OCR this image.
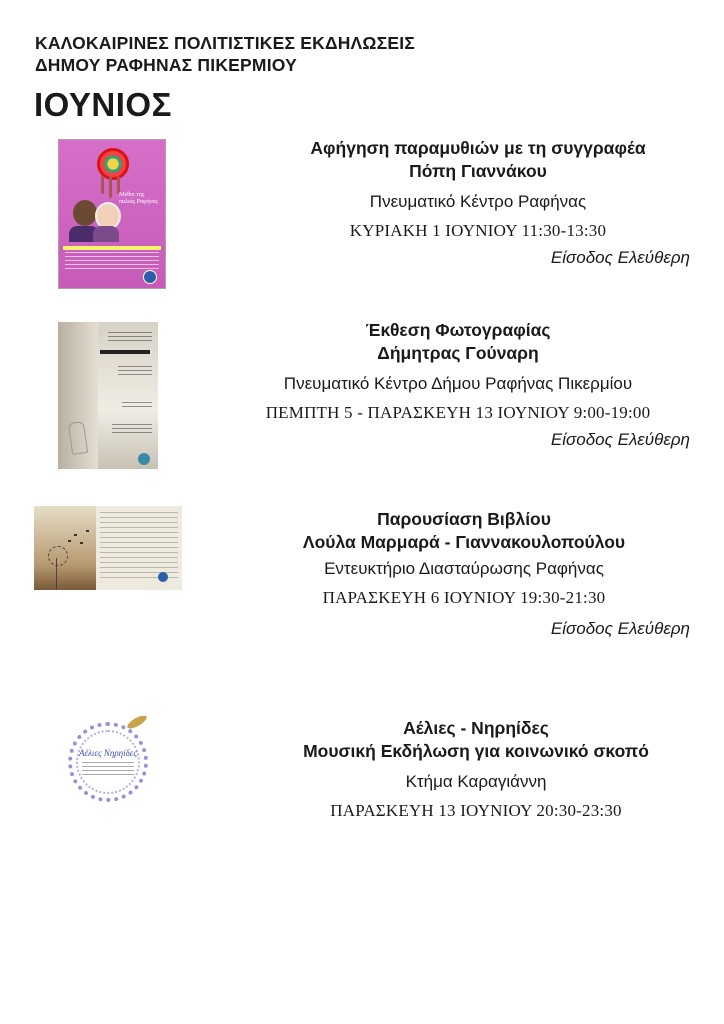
ΚΑΛΟΚΑΙΡΙΝΕΣ ΠΟΛΙΤΙΣΤΙΚΕΣ ΕΚΔΗΛΩΣΕΙΣ
ΔΗΜΟΥ ΡΑΦΗΝΑΣ ΠΙΚΕΡΜΙΟΥ
ΙΟΥΝΙΟΣ
Μύθοι της παλιάς Ραφήνας
Αφήγηση παραμυθιών με τη συγγραφέα
Πόπη Γιαννάκου
Πνευματικό Κέντρο Ραφήνας
ΚΥΡΙΑΚΗ 1 ΙΟΥΝΙΟΥ 11:30-13:30
Είσοδος Ελεύθερη
Έκθεση Φωτογραφίας
Δήμητρας Γούναρη
Πνευματικό Κέντρο Δήμου Ραφήνας Πικερμίου
ΠΕΜΠΤΗ 5 - ΠΑΡΑΣΚΕΥΗ 13 ΙΟΥΝΙΟΥ 9:00-19:00
Είσοδος Ελεύθερη
Παρουσίαση Βιβλίου
Λούλα Μαρμαρά - Γιαννακουλοπούλου
Εντευκτήριο Διασταύρωσης Ραφήνας
ΠΑΡΑΣΚΕΥΗ 6 ΙΟΥΝΙΟΥ 19:30-21:30
Είσοδος Ελεύθερη
Αέλιες Νηρηίδες
Αέλιες - Νηρηίδες
Μουσική Εκδήλωση για κοινωνικό σκοπό
Κτήμα Καραγιάννη
ΠΑΡΑΣΚΕΥΗ 13 ΙΟΥΝΙΟΥ 20:30-23:30
